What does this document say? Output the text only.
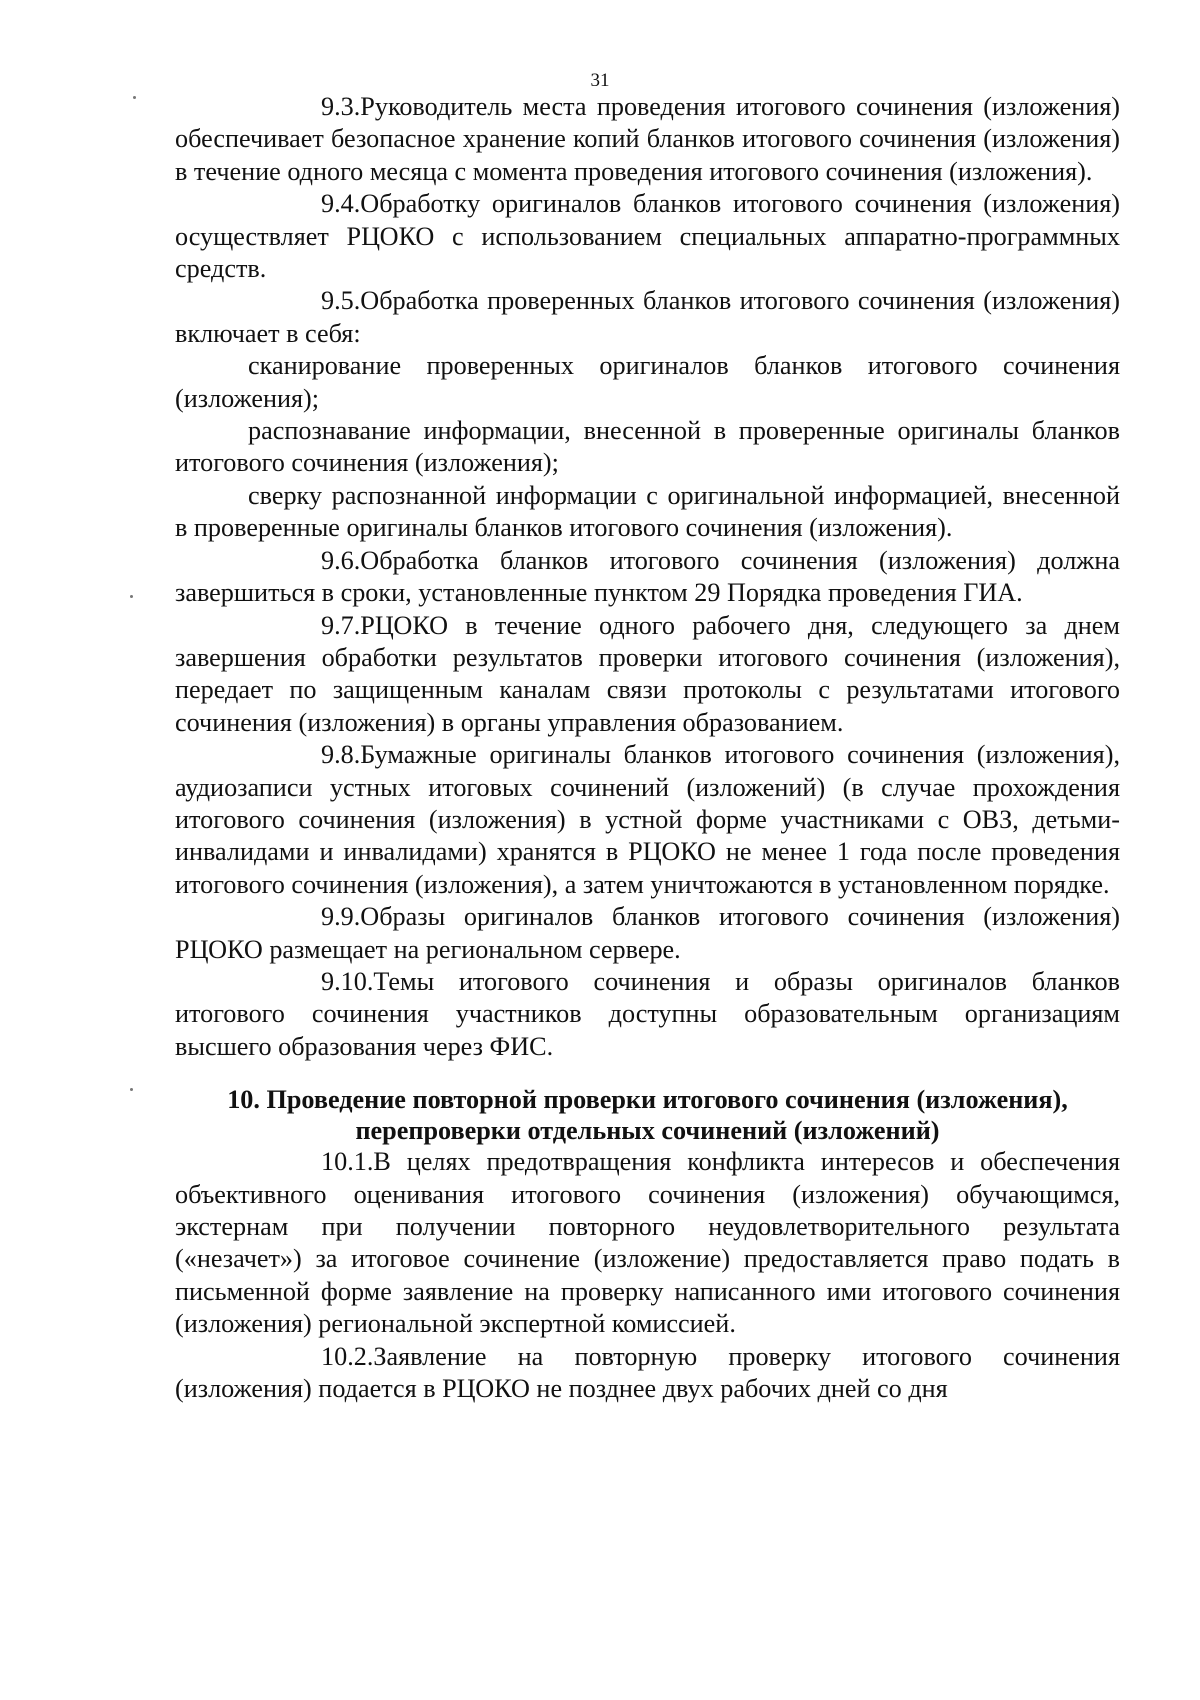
31

9.3.Руководитель места проведения итогового сочинения (изложения) обеспечивает безопасное хранение копий бланков итогового сочинения (изложения) в течение одного месяца с момента проведения итогового сочинения (изложения).

9.4.Обработку оригиналов бланков итогового сочинения (изложения) осуществляет РЦОКО с использованием специальных аппаратно-программных средств.

9.5.Обработка проверенных бланков итогового сочинения (изложения) включает в себя:

сканирование проверенных оригиналов бланков итогового сочинения (изложения);

распознавание информации, внесенной в проверенные оригиналы бланков итогового сочинения (изложения);

сверку распознанной информации с оригинальной информацией, внесенной в проверенные оригиналы бланков итогового сочинения (изложения).

9.6.Обработка бланков итогового сочинения (изложения) должна завершиться в сроки, установленные пунктом 29 Порядка проведения ГИА.

9.7.РЦОКО в течение одного рабочего дня, следующего за днем завершения обработки результатов проверки итогового сочинения (изложения), передает по защищенным каналам связи протоколы с результатами итогового сочинения (изложения) в органы управления образованием.

9.8.Бумажные оригиналы бланков итогового сочинения (изложения), аудиозаписи устных итоговых сочинений (изложений) (в случае прохождения итогового сочинения (изложения) в устной форме участниками с ОВЗ, детьми-инвалидами и инвалидами) хранятся в РЦОКО не менее 1 года после проведения итогового сочинения (изложения), а затем уничтожаются в установленном порядке.

9.9.Образы оригиналов бланков итогового сочинения (изложения) РЦОКО размещает на региональном сервере.

9.10.Темы итогового сочинения и образы оригиналов бланков итогового сочинения участников доступны образовательным организациям высшего образования через ФИС.

10. Проведение повторной проверки итогового сочинения (изложения),
перепроверки отдельных сочинений (изложений)

10.1.В целях предотвращения конфликта интересов и обеспечения объективного оценивания итогового сочинения (изложения) обучающимся, экстернам при получении повторного неудовлетворительного результата («незачет») за итоговое сочинение (изложение) предоставляется право подать в письменной форме заявление на проверку написанного ими итогового сочинения (изложения) региональной экспертной комиссией.

10.2.Заявление на повторную проверку итогового сочинения (изложения) подается в РЦОКО не позднее двух рабочих дней со дня
